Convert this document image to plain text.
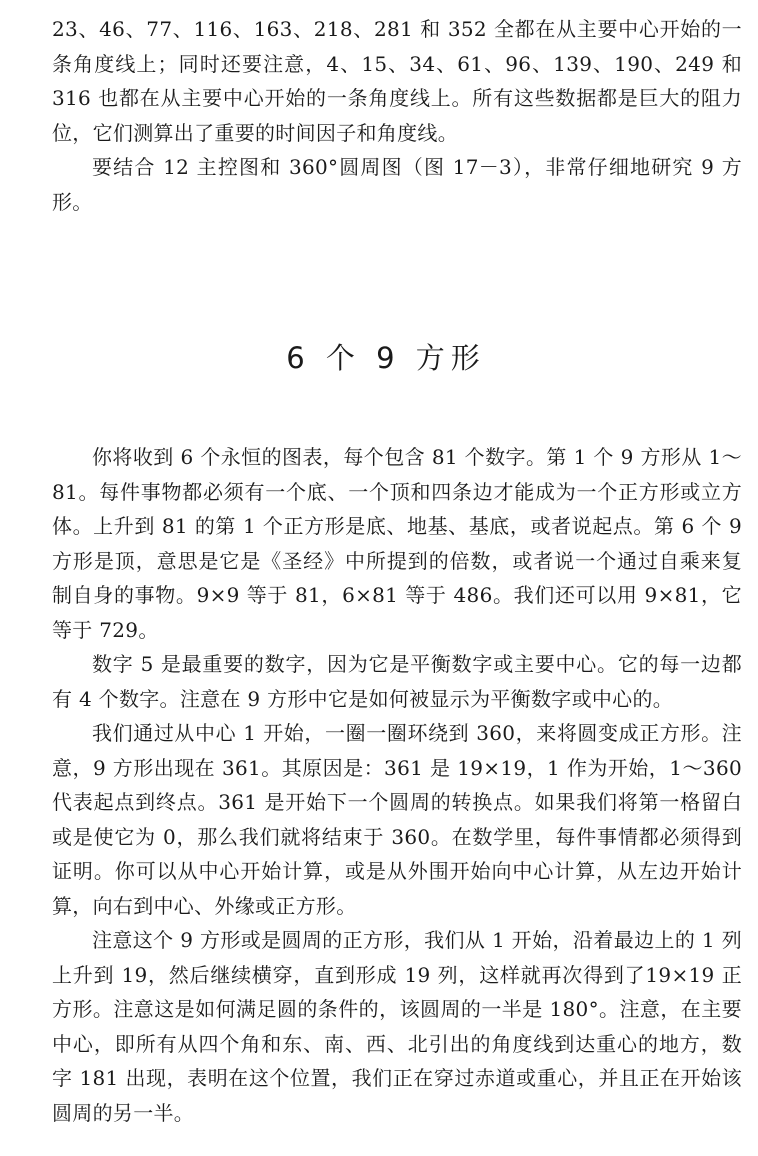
23、46、77、116、163、218、281 和 352 全都在从主要中心开始的一条角度线上；同时还要注意，4、15、34、61、96、139、190、249 和 316 也都在从主要中心开始的一条角度线上。所有这些数据都是巨大的阻力位，它们测算出了重要的时间因子和角度线。

要结合 12 主控图和 360°圆周图（图 17－3），非常仔细地研究 9 方形。

6 个 9 方形

你将收到 6 个永恒的图表，每个包含 81 个数字。第 1 个 9 方形从 1～81。每件事物都必须有一个底、一个顶和四条边才能成为一个正方形或立方体。上升到 81 的第 1 个正方形是底、地基、基底，或者说起点。第 6 个 9 方形是顶，意思是它是《圣经》中所提到的倍数，或者说一个通过自乘来复制自身的事物。9×9 等于 81，6×81 等于 486。我们还可以用 9×81，它等于 729。

数字 5 是最重要的数字，因为它是平衡数字或主要中心。它的每一边都有 4 个数字。注意在 9 方形中它是如何被显示为平衡数字或中心的。

我们通过从中心 1 开始，一圈一圈环绕到 360，来将圆变成正方形。注意，9 方形出现在 361。其原因是：361 是 19×19，1 作为开始，1～360 代表起点到终点。361 是开始下一个圆周的转换点。如果我们将第一格留白或是使它为 0，那么我们就将结束于 360。在数学里，每件事情都必须得到证明。你可以从中心开始计算，或是从外围开始向中心计算，从左边开始计算，向右到中心、外缘或正方形。

注意这个 9 方形或是圆周的正方形，我们从 1 开始，沿着最边上的 1 列上升到 19，然后继续横穿，直到形成 19 列，这样就再次得到了19×19 正方形。注意这是如何满足圆的条件的，该圆周的一半是 180°。注意，在主要中心，即所有从四个角和东、南、西、北引出的角度线到达重心的地方，数字 181 出现，表明在这个位置，我们正在穿过赤道或重心，并且正在开始该圆周的另一半。
